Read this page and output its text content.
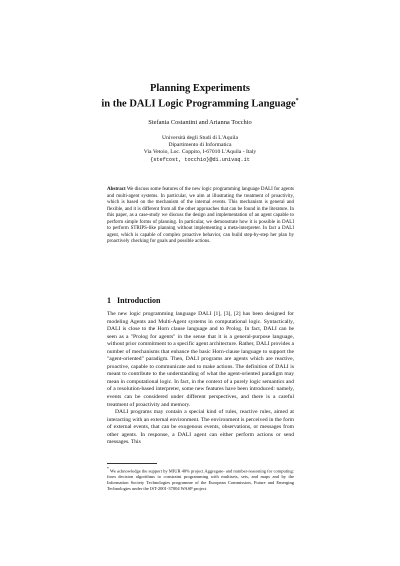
Planning Experiments
in the DALI Logic Programming Language*
Stefania Costantini and Arianna Tocchio
Università degli Studi di L'Aquila
Dipartimento di Informatica
Via Vetoio, Loc. Coppito, I-67010 L'Aquila - Italy
{stefcost, tocchio}@di.univaq.it
Abstract We discuss some features of the new logic programming language DALI for agents and multi-agent systems. In particular, we aim at illustrating the treatment of proactivity, which is based on the mechanism of the internal events. This mechanism is general and flexible, and it is different from all the other approaches that can be found in the literature. In this paper, as a case-study we discuss the design and implementation of an agent capable to perform simple forms of planning. In particular, we demonstrate how it is possible in DALI to perform STRIPS-like planning without implementing a meta-interpreter. In fact a DALI agent, which is capable of complex proactive behavior, can build step-by-step her plan by proactively checking for goals and possible actions.
1 Introduction

The new logic programming language DALI [1], [3], [2] has been designed for modeling Agents and Multi-Agent systems in computational logic. Syntactically, DALI is close to the Horn clause language and to Prolog. In fact, DALI can be seen as a "Prolog for agents" in the sense that it is a general-purpose language, without prior commitment to a specific agent architecture. Rather, DALI provides a number of mechanisms that enhance the basic Horn-clause language to support the "agent-oriented" paradigm. Then, DALI programs are agents which are reactive, proactive, capable to communicate and to make actions. The definition of DALI is meant to contribute to the understanding of what the agent-oriented paradigm may mean in computational logic. In fact, in the context of a purely logic semantics and of a resolution-based interpreter, some new features have been introduced: namely, events can be considered under different perspectives, and there is a careful treatment of proactivity and memory.

DALI programs may contain a special kind of rules, reactive rules, aimed at interacting with an external environment. The environment is perceived in the form of external events, that can be exogenous events, observations, or messages from other agents. In response, a DALI agent can either perform actions or send messages. This

* We acknowledge the support by MIUR 40% project Aggregate- and number-reasoning for computing: from decision algorithms to constraint programming with multisets, sets, and maps and by the Information Society Technologies programme of the European Commission, Future and Emerging Technologies under the IST-2001-37004 WASP project.
